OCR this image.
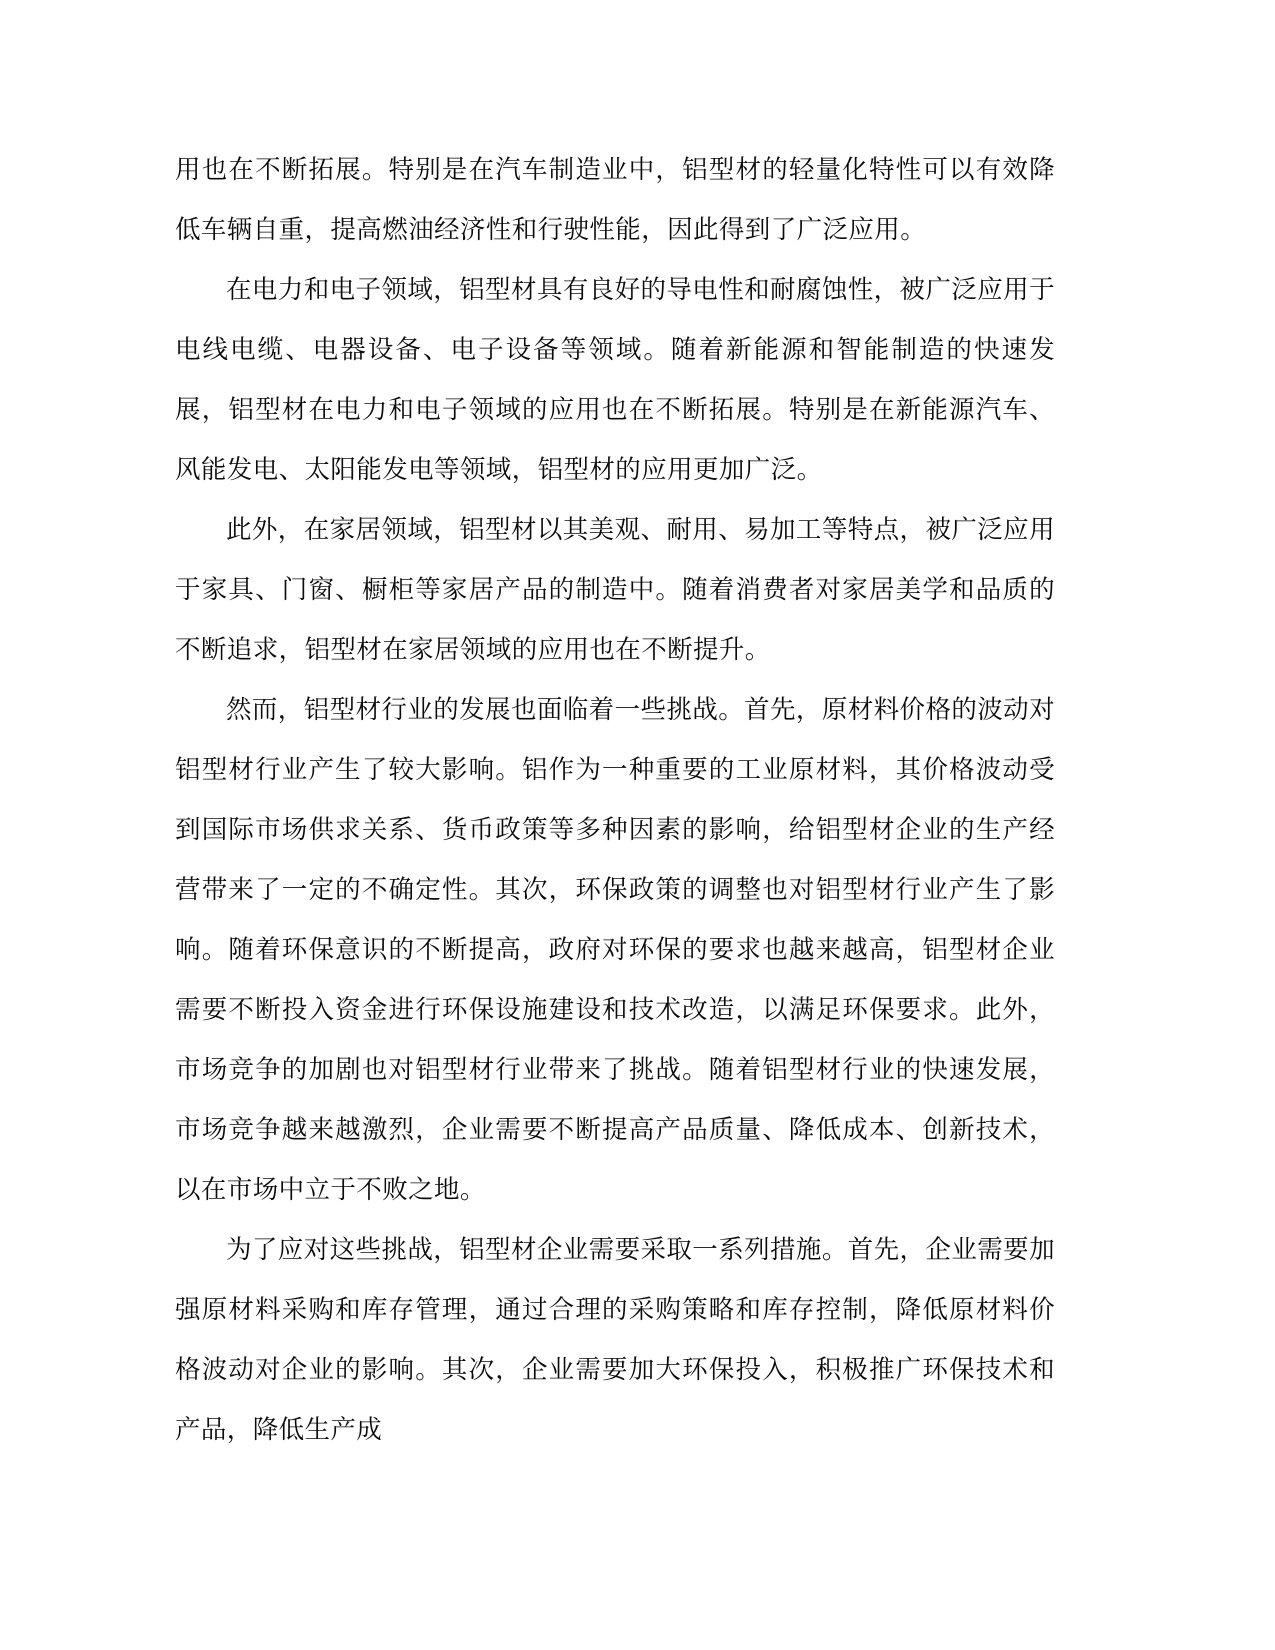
用也在不断拓展。特别是在汽车制造业中，铝型材的轻量化特性可以有效降低车辆自重，提高燃油经济性和行驶性能，因此得到了广泛应用。

在电力和电子领域，铝型材具有良好的导电性和耐腐蚀性，被广泛应用于电线电缆、电器设备、电子设备等领域。随着新能源和智能制造的快速发展，铝型材在电力和电子领域的应用也在不断拓展。特别是在新能源汽车、风能发电、太阳能发电等领域，铝型材的应用更加广泛。

此外，在家居领域，铝型材以其美观、耐用、易加工等特点，被广泛应用于家具、门窗、橱柜等家居产品的制造中。随着消费者对家居美学和品质的不断追求，铝型材在家居领域的应用也在不断提升。

然而，铝型材行业的发展也面临着一些挑战。首先，原材料价格的波动对铝型材行业产生了较大影响。铝作为一种重要的工业原材料，其价格波动受到国际市场供求关系、货币政策等多种因素的影响，给铝型材企业的生产经营带来了一定的不确定性。其次，环保政策的调整也对铝型材行业产生了影响。随着环保意识的不断提高，政府对环保的要求也越来越高，铝型材企业需要不断投入资金进行环保设施建设和技术改造，以满足环保要求。此外，市场竞争的加剧也对铝型材行业带来了挑战。随着铝型材行业的快速发展，市场竞争越来越激烈，企业需要不断提高产品质量、降低成本、创新技术，以在市场中立于不败之地。

为了应对这些挑战，铝型材企业需要采取一系列措施。首先，企业需要加强原材料采购和库存管理，通过合理的采购策略和库存控制，降低原材料价格波动对企业的影响。其次，企业需要加大环保投入，积极推广环保技术和产品，降低生产成
